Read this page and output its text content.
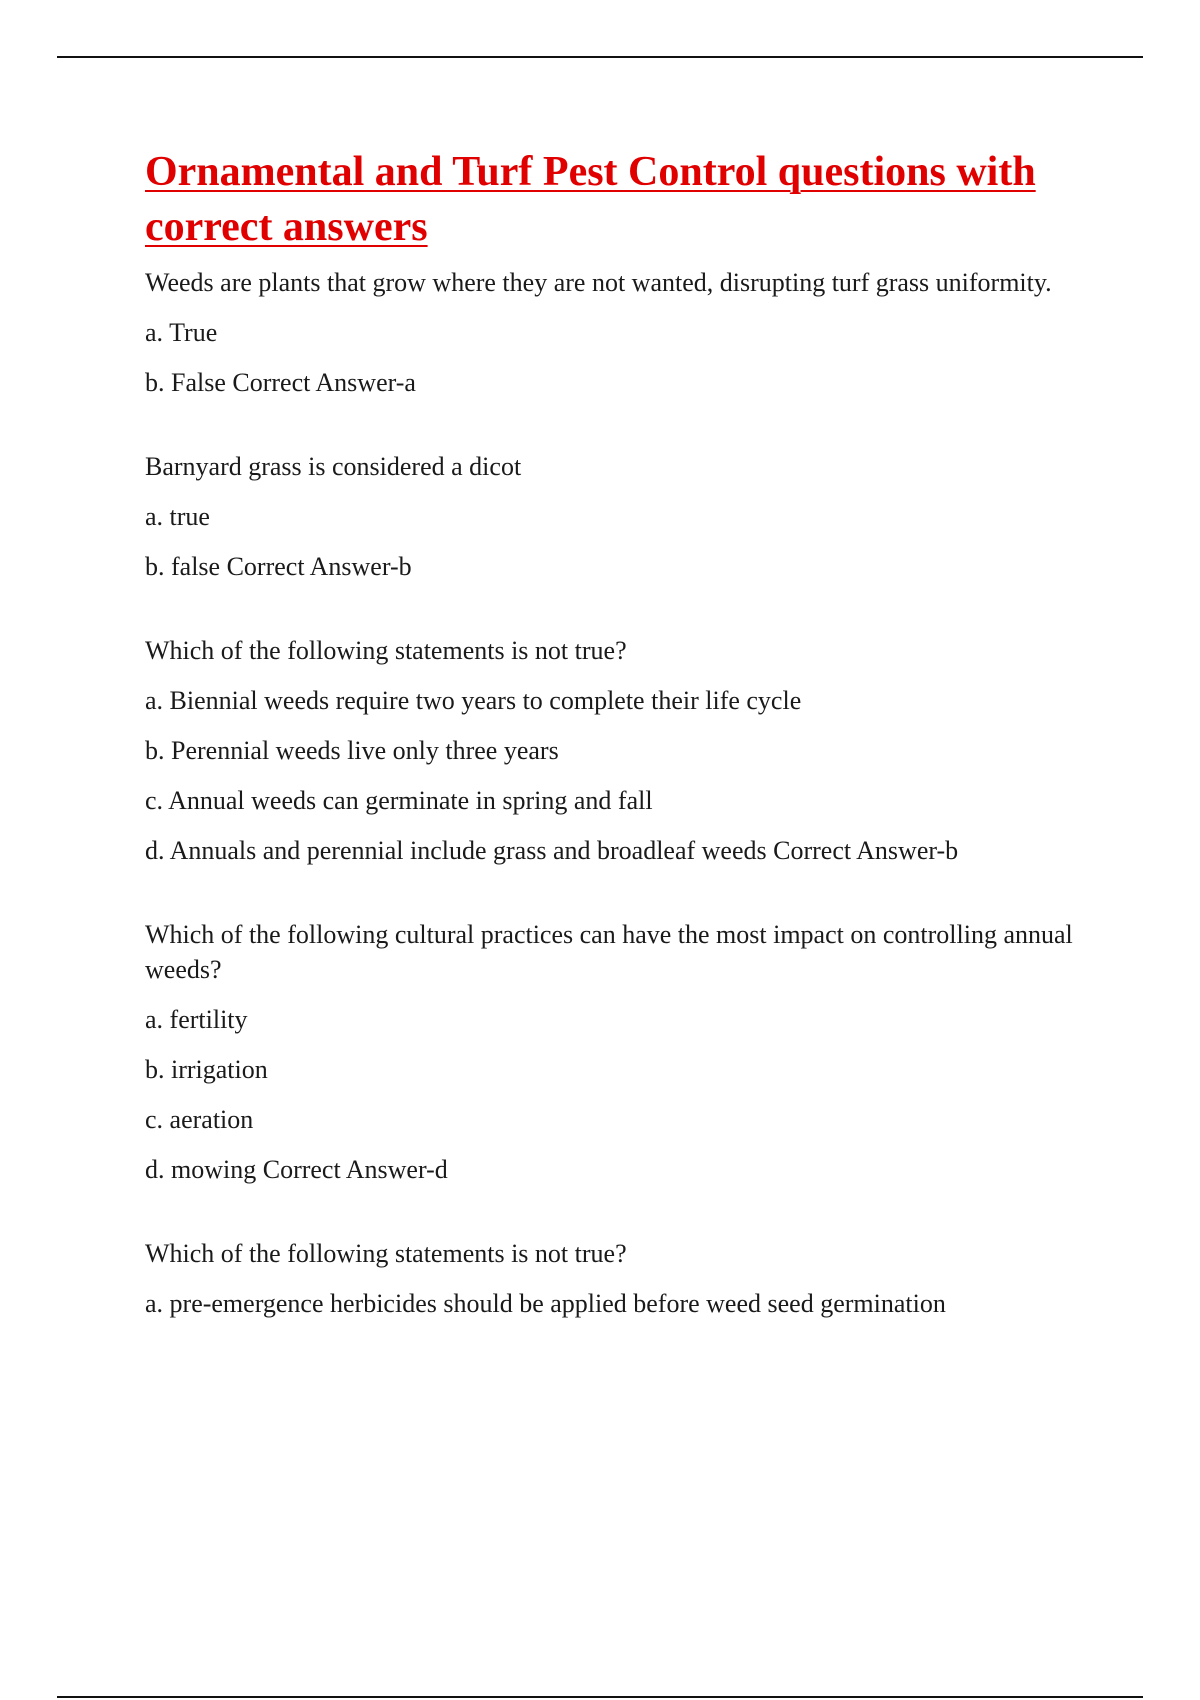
Ornamental and Turf Pest Control questions with correct answers

Weeds are plants that grow where they are not wanted, disrupting turf grass uniformity.

a. True

b. False Correct Answer-a

Barnyard grass is considered a dicot

a. true

b. false Correct Answer-b

Which of the following statements is not true?

a. Biennial weeds require two years to complete their life cycle

b. Perennial weeds live only three years

c. Annual weeds can germinate in spring and fall

d. Annuals and perennial include grass and broadleaf weeds Correct Answer-b

Which of the following cultural practices can have the most impact on controlling annual weeds?

a. fertility

b. irrigation

c. aeration

d. mowing Correct Answer-d

Which of the following statements is not true?

a. pre-emergence herbicides should be applied before weed seed germination
